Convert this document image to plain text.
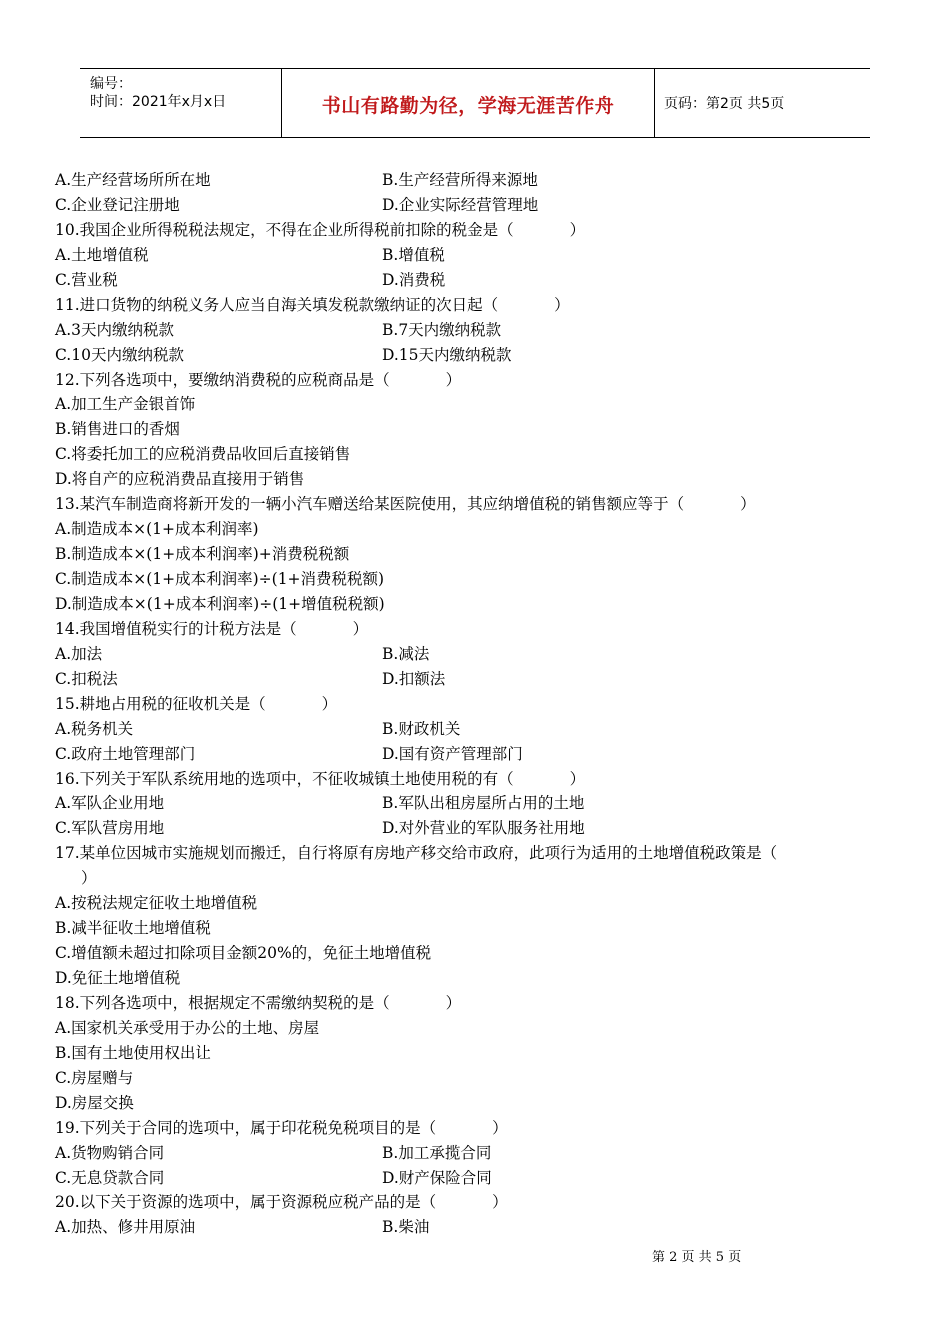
编号：
时间：2021年x月x日	书山有路勤为径，学海无涯苦作舟	页码：第2页 共5页
A.生产经营场所所在地	B.生产经营所得来源地
C.企业登记注册地	D.企业实际经营管理地
10.我国企业所得税税法规定，不得在企业所得税前扣除的税金是（	）
A.土地增值税	B.增值税
C.营业税	D.消费税
11.进口货物的纳税义务人应当自海关填发税款缴纳证的次日起（	）
A.3天内缴纳税款	B.7天内缴纳税款
C.10天内缴纳税款	D.15天内缴纳税款
12.下列各选项中，要缴纳消费税的应税商品是（	）
A.加工生产金银首饰
B.销售进口的香烟
C.将委托加工的应税消费品收回后直接销售
D.将自产的应税消费品直接用于销售
13.某汽车制造商将新开发的一辆小汽车赠送给某医院使用，其应纳增值税的销售额应等于（	）
A.制造成本×(1+成本利润率)
B.制造成本×(1+成本利润率)+消费税税额
C.制造成本×(1+成本利润率)÷(1+消费税税额)
D.制造成本×(1+成本利润率)÷(1+增值税税额)
14.我国增值税实行的计税方法是（	）
A.加法	B.减法
C.扣税法	D.扣额法
15.耕地占用税的征收机关是（	）
A.税务机关	B.财政机关
C.政府土地管理部门	D.国有资产管理部门
16.下列关于军队系统用地的选项中，不征收城镇土地使用税的有（	）
A.军队企业用地	B.军队出租房屋所占用的土地
C.军队营房用地	D.对外营业的军队服务社用地
17.某单位因城市实施规划而搬迁，自行将原有房地产移交给市政府，此项行为适用的土地增值税政策是（
）
A.按税法规定征收土地增值税
B.减半征收土地增值税
C.增值额未超过扣除项目金额20%的，免征土地增值税
D.免征土地增值税
18.下列各选项中，根据规定不需缴纳契税的是（	）
A.国家机关承受用于办公的土地、房屋
B.国有土地使用权出让
C.房屋赠与
D.房屋交换
19.下列关于合同的选项中，属于印花税免税项目的是（	）
A.货物购销合同	B.加工承揽合同
C.无息贷款合同	D.财产保险合同
20.以下关于资源的选项中，属于资源税应税产品的是（	）
A.加热、修井用原油	B.柴油
第 2 页 共 5 页
